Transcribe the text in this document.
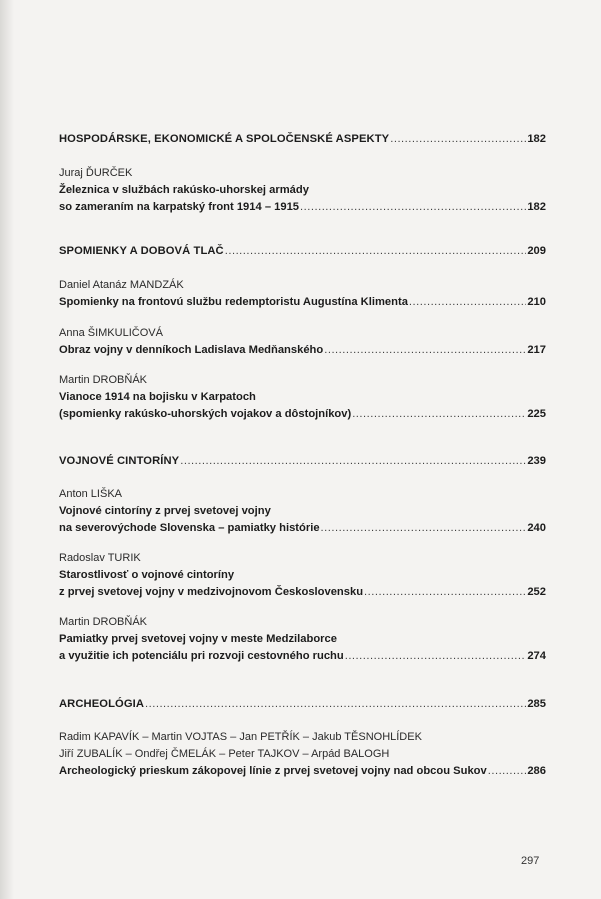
HOSPODÁRSKE, EKONOMICKÉ A SPOLOČENSKÉ ASPEKTY .....	182
Juraj ĎURČEK
Železnica v službách rakúsko-uhorskej armády
so zameraním na karpatský front 1914 – 1915 .....	182
SPOMIENKY A DOBOVÁ TLAČ .....	209
Daniel Atanáz MANDZÁK
Spomienky na frontovú službu redemptoristu Augustína Klimenta .....	210
Anna ŠIMKULIČOVÁ
Obraz vojny v denníkoch Ladislava Medňanského .....	217
Martin DROBŇÁK
Vianoce 1914 na bojisku v Karpatoch
(spomienky rakúsko-uhorských vojakov a dôstojníkov) .....	225
VOJNOVÉ CINTORÍNY .....	239
Anton LIŠKA
Vojnové cintoríny z prvej svetovej vojny
na severovýchode Slovenska – pamiatky histórie .....	240
Radoslav TURIK
Starostlivosť o vojnové cintoríny
z prvej svetovej vojny v medzivojnovom Československu .....	252
Martin DROBŇÁK
Pamiatky prvej svetovej vojny v meste Medzilaborce
a využitie ich potenciálu pri rozvoji cestovného ruchu .....	274
ARCHEOLÓGIA .....	285
Radim KAPAVÍK – Martin VOJTAS – Jan PETŘÍK – Jakub TĚSNOHLÍDEK
Jiří ZUBALÍK – Ondřej ČMELÁK – Peter TAJKOV – Arpád BALOGH
Archeologický prieskum zákopovej línie z prvej svetovej vojny nad obcou Sukov .....	286
297
